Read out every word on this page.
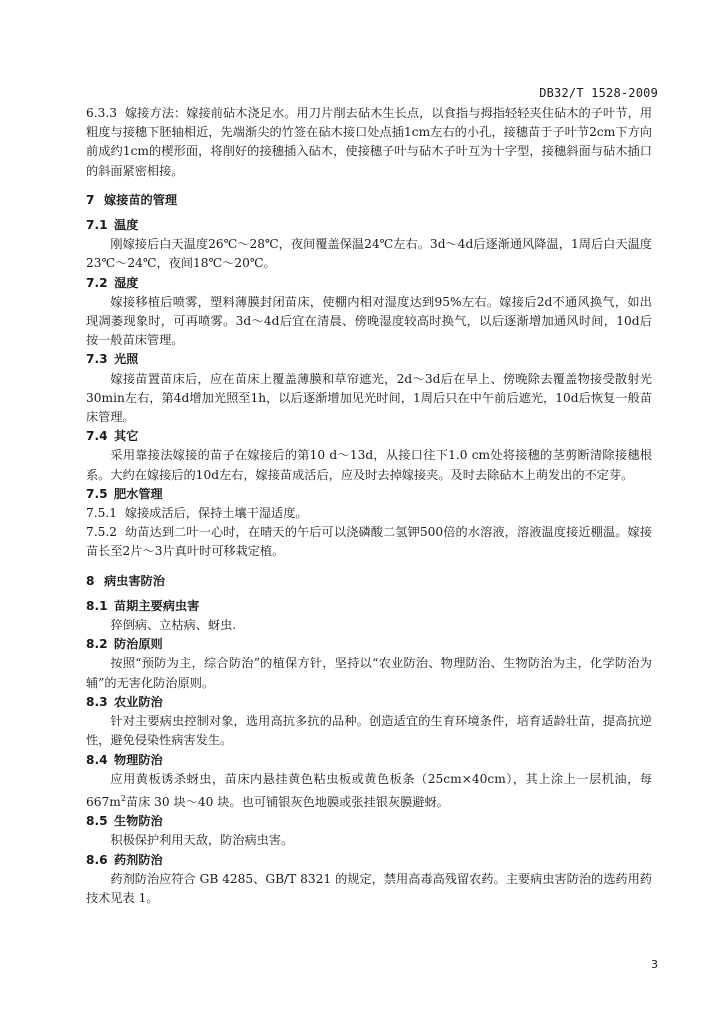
DB32/T 1528-2009

6.3.3 嫁接方法：嫁接前砧木浇足水。用刀片削去砧木生长点，以食指与拇指轻轻夹住砧木的子叶节，用粗度与接穗下胚轴相近，先端渐尖的竹签在砧木接口处点插1cm左右的小孔，接穗苗于子叶节2cm下方向前成约1cm的楔形面，将削好的接穗插入砧木，使接穗子叶与砧木子叶互为十字型，接穗斜面与砧木插口的斜面紧密相接。

7 嫁接苗的管理
7.1 温度

刚嫁接后白天温度26℃～28℃，夜间覆盖保温24℃左右。3d～4d后逐渐通风降温，1周后白天温度23℃～24℃，夜间18℃～20℃。

7.2 湿度

嫁接移植后喷雾，塑料薄膜封闭苗床，使棚内相对湿度达到95%左右。嫁接后2d不通风换气，如出现凋萎现象时，可再喷雾。3d～4d后宜在清晨、傍晚湿度较高时换气，以后逐渐增加通风时间，10d后按一般苗床管理。

7.3 光照

嫁接苗置苗床后，应在苗床上覆盖薄膜和草帘遮光，2d～3d后在早上、傍晚除去覆盖物接受散射光30min左右，第4d增加光照至1h，以后逐渐增加见光时间，1周后只在中午前后遮光，10d后恢复一般苗床管理。

7.4 其它

采用靠接法嫁接的苗子在嫁接后的第10 d～13d，从接口往下1.0 cm处将接穗的茎剪断清除接穗根系。大约在嫁接后的10d左右，嫁接苗成活后，应及时去掉嫁接夹。及时去除砧木上萌发出的不定芽。

7.5 肥水管理

7.5.1 嫁接成活后，保持土壤干湿适度。

7.5.2 幼苗达到二叶一心时，在晴天的午后可以浇磷酸二氢钾500倍的水溶液，溶液温度接近棚温。嫁接苗长至2片～3片真叶时可移栽定植。

8 病虫害防治
8.1 苗期主要病虫害

猝倒病、立枯病、蚜虫.

8.2 防治原则

按照“预防为主，综合防治”的植保方针，坚持以“农业防治、物理防治、生物防治为主，化学防治为辅”的无害化防治原则。

8.3 农业防治

针对主要病虫控制对象，选用高抗多抗的品种。创造适宜的生育环境条件，培育适龄壮苗，提高抗逆性，避免侵染性病害发生。

8.4 物理防治

应用黄板诱杀蚜虫，苗床内悬挂黄色粘虫板或黄色板条（25cm×40cm），其上涂上一层机油，每$667m^2$苗床 30 块～40 块。也可铺银灰色地膜或张挂银灰膜避蚜。

8.5 生物防治

积极保护利用天敌，防治病虫害。

8.6 药剂防治

药剂防治应符合 GB 4285、GB/T 8321 的规定，禁用高毒高残留农药。主要病虫害防治的选药用药技术见表 1。

3
